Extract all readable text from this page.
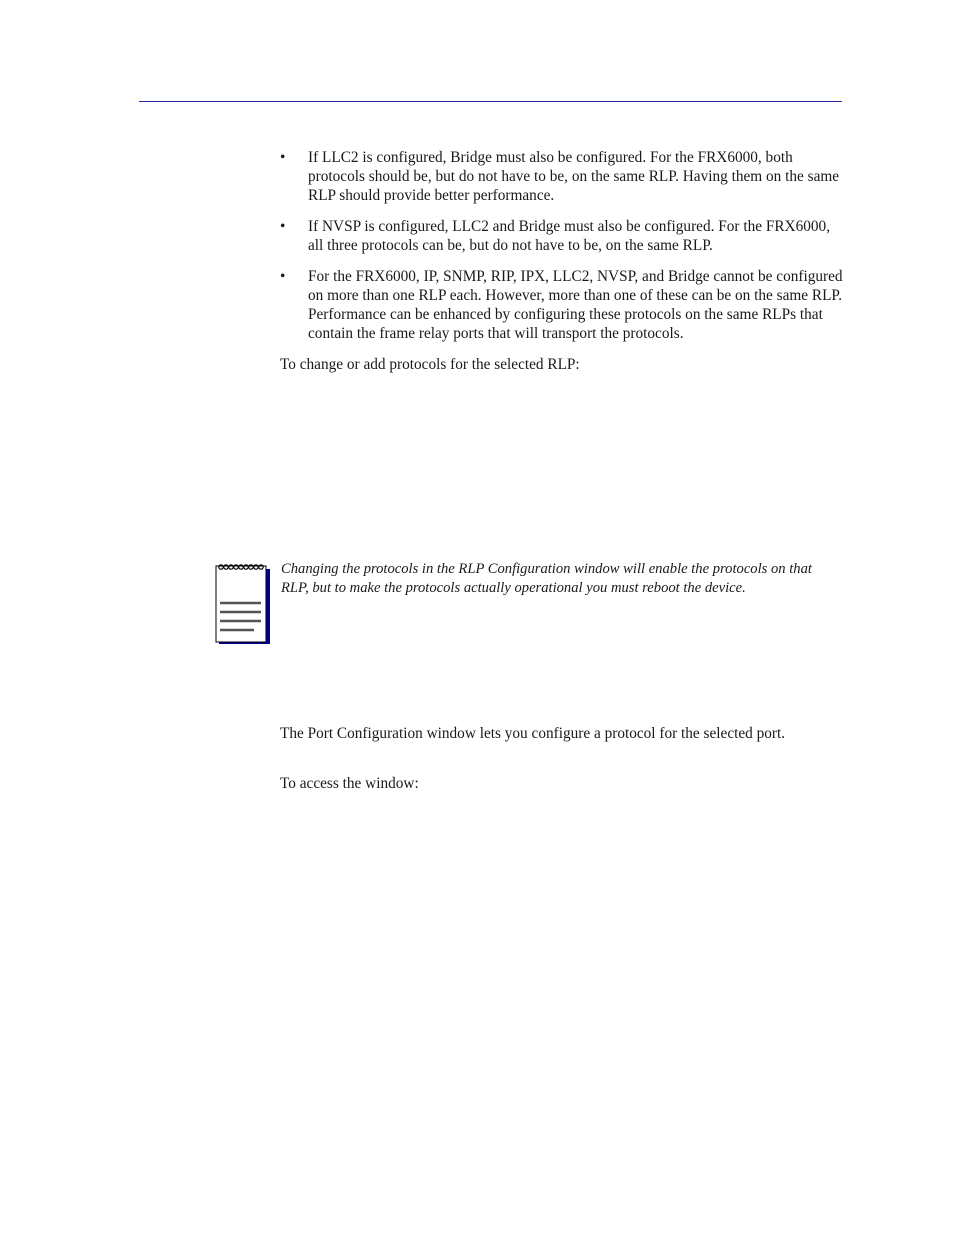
•	If LLC2 is configured, Bridge must also be configured. For the FRX6000, both protocols should be, but do not have to be, on the same RLP. Having them on the same RLP should provide better performance.
•	If NVSP is configured, LLC2 and Bridge must also be configured. For the FRX6000, all three protocols can be, but do not have to be, on the same RLP.
•	For the FRX6000, IP, SNMP, RIP, IPX, LLC2, NVSP, and Bridge cannot be configured on more than one RLP each. However, more than one of these can be on the same RLP. Performance can be enhanced by configuring these protocols on the same RLPs that contain the frame relay ports that will transport the protocols.

To change or add protocols for the selected RLP:

Changing the protocols in the RLP Configuration window will enable the protocols on that RLP, but to make the protocols actually operational you must reboot the device.

The Port Configuration window lets you configure a protocol for the selected port.

To access the window:
